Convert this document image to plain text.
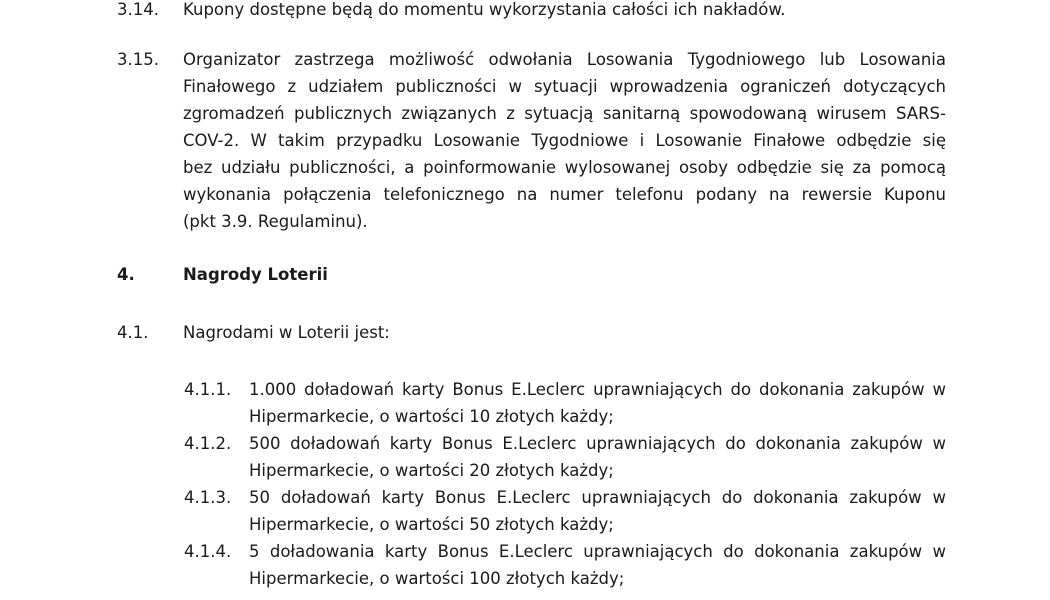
3.14. Kupony dostępne będą do momentu wykorzystania całości ich nakładów.
3.15. Organizator zastrzega możliwość odwołania Losowania Tygodniowego lub Losowania
Finałowego z udziałem publiczności w sytuacji wprowadzenia ograniczeń dotyczących
zgromadzeń publicznych związanych z sytuacją sanitarną spowodowaną wirusem SARS-
COV-2. W takim przypadku Losowanie Tygodniowe i Losowanie Finałowe odbędzie się
bez udziału publiczności, a poinformowanie wylosowanej osoby odbędzie się za pomocą
wykonania połączenia telefonicznego na numer telefonu podany na rewersie Kuponu
(pkt 3.9. Regulaminu).
4.	Nagrody Loterii
4.1. Nagrodami w Loterii jest:
4.1.1. 1.000 doładowań karty Bonus E.Leclerc uprawniających do dokonania zakupów w
Hipermarkecie, o wartości 10 złotych każdy;
4.1.2. 500 doładowań karty Bonus E.Leclerc uprawniających do dokonania zakupów w
Hipermarkecie, o wartości 20 złotych każdy;
4.1.3. 50 doładowań karty Bonus E.Leclerc uprawniających do dokonania zakupów w
Hipermarkecie, o wartości 50 złotych każdy;
4.1.4. 5 doładowania karty Bonus E.Leclerc uprawniających do dokonania zakupów w
Hipermarkecie, o wartości 100 złotych każdy;
